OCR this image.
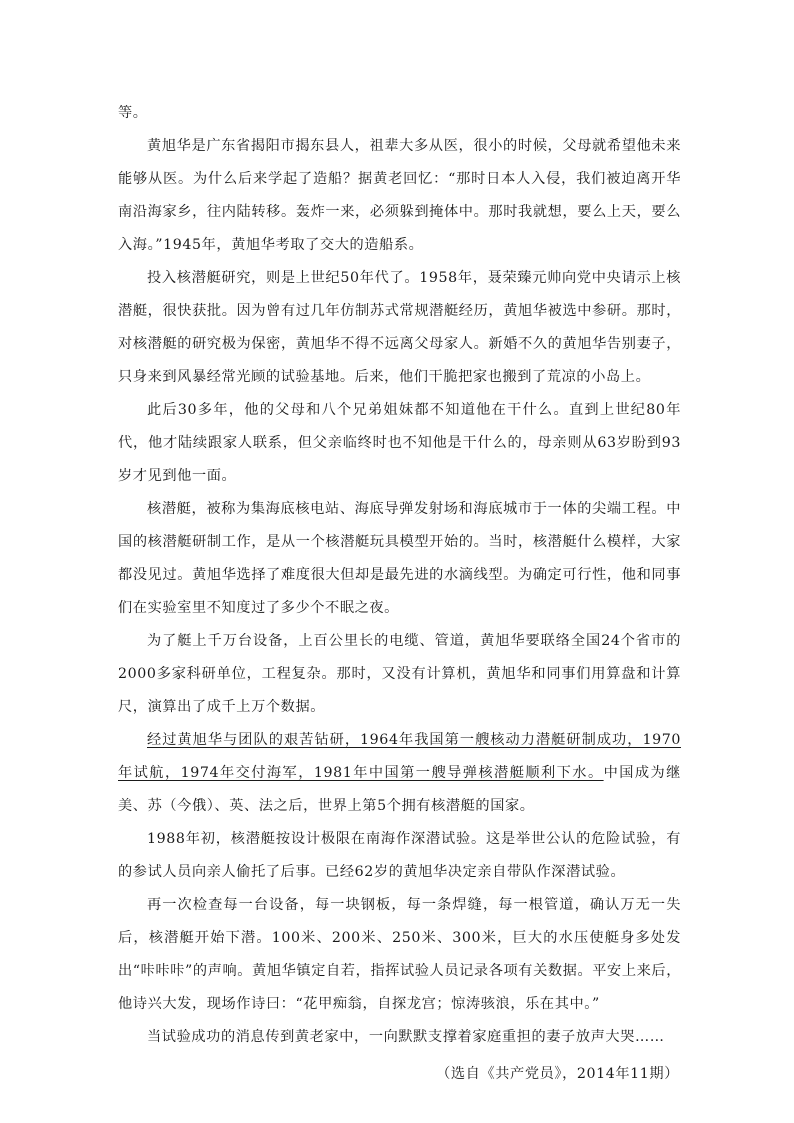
等。

黄旭华是广东省揭阳市揭东县人，祖辈大多从医，很小的时候，父母就希望他未来能够从医。为什么后来学起了造船？据黄老回忆：“那时日本人入侵，我们被迫离开华南沿海家乡，往内陆转移。轰炸一来，必须躲到掩体中。那时我就想，要么上天，要么入海。”1945年，黄旭华考取了交大的造船系。

投入核潜艇研究，则是上世纪50年代了。1958年，聂荣臻元帅向党中央请示上核潜艇，很快获批。因为曾有过几年仿制苏式常规潜艇经历，黄旭华被选中参研。那时，对核潜艇的研究极为保密，黄旭华不得不远离父母家人。新婚不久的黄旭华告别妻子，只身来到风暴经常光顾的试验基地。后来，他们干脆把家也搬到了荒凉的小岛上。

此后30多年，他的父母和八个兄弟姐妹都不知道他在干什么。直到上世纪80年代，他才陆续跟家人联系，但父亲临终时也不知他是干什么的，母亲则从63岁盼到93岁才见到他一面。

核潜艇，被称为集海底核电站、海底导弹发射场和海底城市于一体的尖端工程。中国的核潜艇研制工作，是从一个核潜艇玩具模型开始的。当时，核潜艇什么模样，大家都没见过。黄旭华选择了难度很大但却是最先进的水滴线型。为确定可行性，他和同事们在实验室里不知度过了多少个不眠之夜。

为了艇上千万台设备，上百公里长的电缆、管道，黄旭华要联络全国24个省市的2000多家科研单位，工程复杂。那时，又没有计算机，黄旭华和同事们用算盘和计算尺，演算出了成千上万个数据。

经过黄旭华与团队的艰苦钻研，1964年我国第一艘核动力潜艇研制成功，1970年试航，1974年交付海军，1981年中国第一艘导弹核潜艇顺利下水。中国成为继美、苏（今俄）、英、法之后，世界上第5个拥有核潜艇的国家。

1988年初，核潜艇按设计极限在南海作深潜试验。这是举世公认的危险试验，有的参试人员向亲人偷托了后事。已经62岁的黄旭华决定亲自带队作深潜试验。

再一次检查每一台设备，每一块钢板，每一条焊缝，每一根管道，确认万无一失后，核潜艇开始下潜。100米、200米、250米、300米，巨大的水压使艇身多处发出“咔咔咔”的声响。黄旭华镇定自若，指挥试验人员记录各项有关数据。平安上来后，他诗兴大发，现场作诗曰：“花甲痴翁，自探龙宫；惊涛骇浪，乐在其中。”

当试验成功的消息传到黄老家中，一向默默支撑着家庭重担的妻子放声大哭……

（选自《共产党员》，2014年11期）
